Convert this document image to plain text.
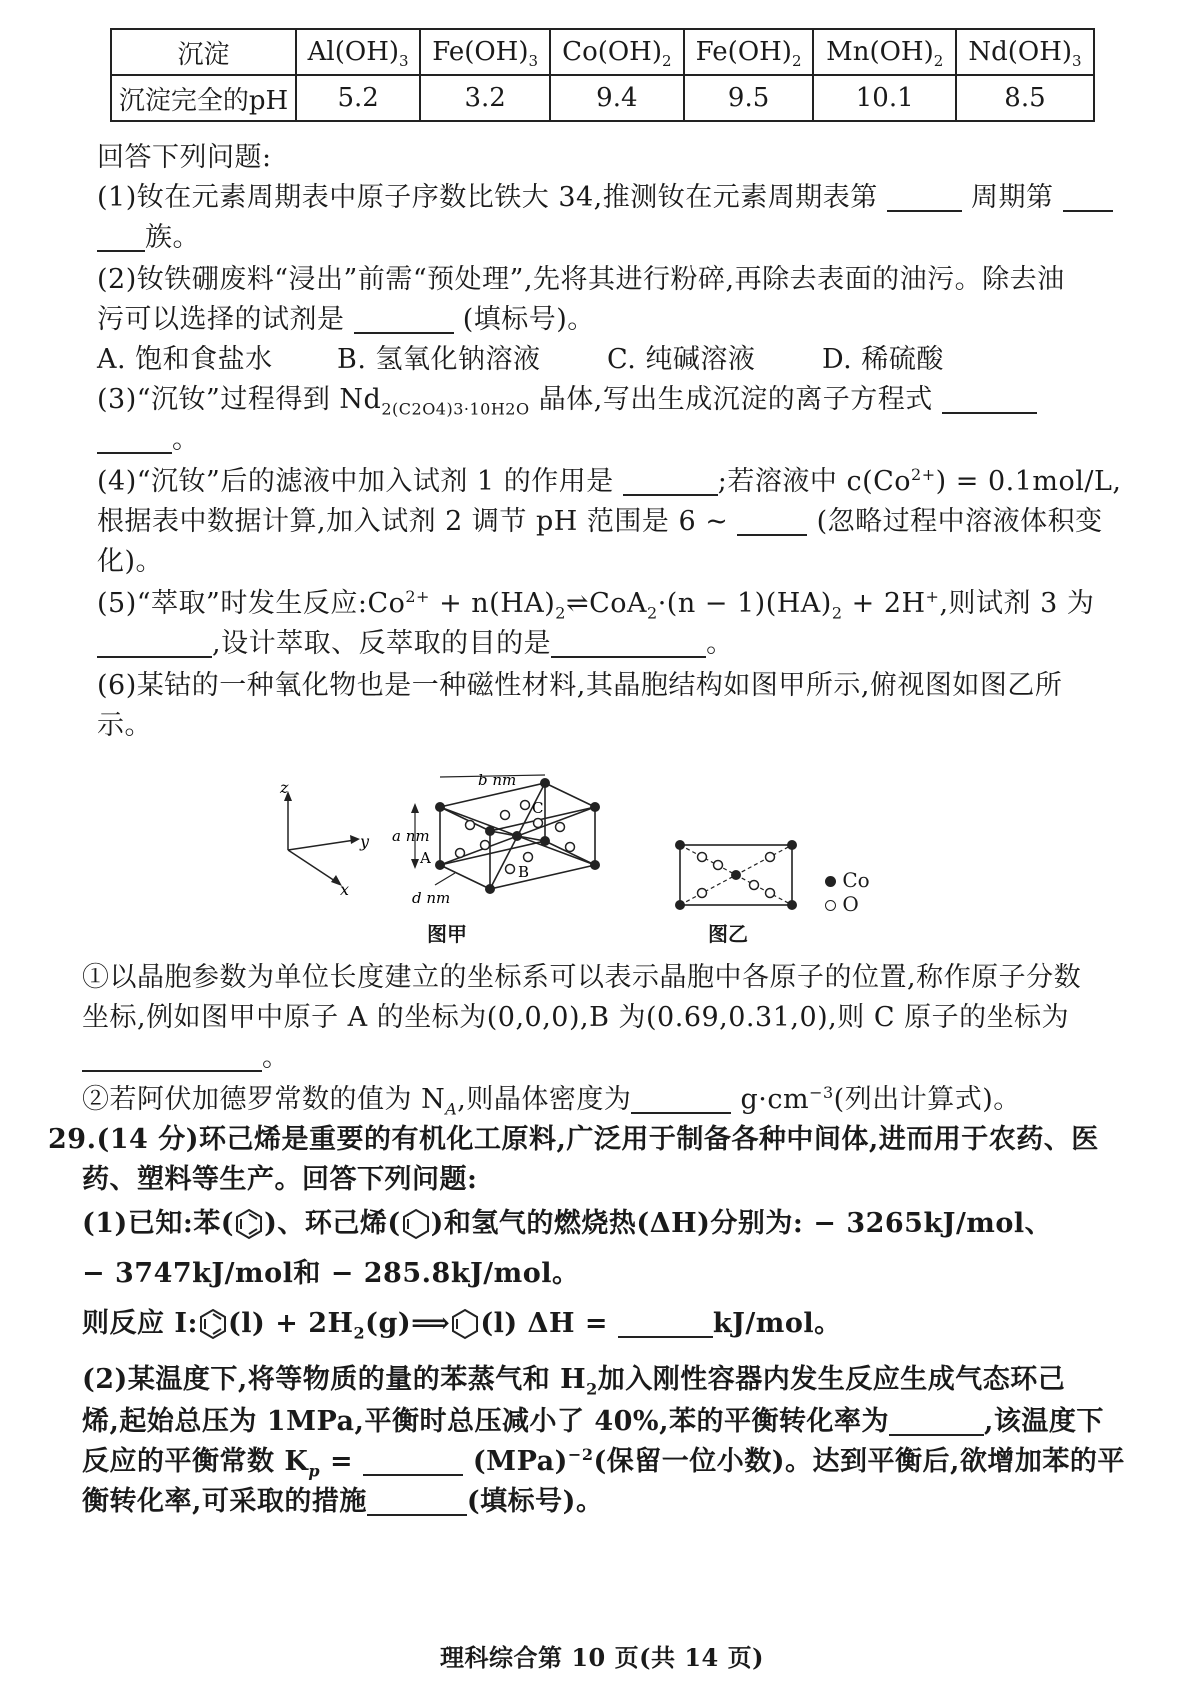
沉淀	$Al(OH)_3$	$Fe(OH)_3$	$Co(OH)_2$	$Fe(OH)_2$	$Mn(OH)_2$	$Nd(OH)_3$
沉淀完全的pH	5.2	3.2	9.4	9.5	10.1	8.5
回答下列问题:
(1)钕在元素周期表中原子序数比铁大 34,推测钕在元素周期表第	周期第
族。
(2)钕铁硼废料“浸出”前需“预处理”,先将其进行粉碎,再除去表面的油污。除去油
污可以选择的试剂是	(填标号)。
A. 饱和食盐水 B. 氢氧化钠溶液 C. 纯碱溶液 D. 稀硫酸
(3)“沉钕”过程得到 $Nd_{2(C2O4)3\cdot 10H2O}$ 晶体,写出生成沉淀的离子方程式
。
(4)“沉钕”后的滤液中加入试剂 1 的作用是	;若溶液中 $c(Co^{2+}) = 0.1mol/L$,
根据表中数据计算,加入试剂 2 调节 pH 范围是 6 ~	(忽略过程中溶液体积变
化)。
(5)“萃取”时发生反应$:Co^{2+}$ + $n(HA)_2\rightleftharpoons CoA_2\cdot(n - 1)(HA)_2 + 2H^+$,则试剂 3 为
,设计萃取、反萃取的目的是	。
(6)某钴的一种氧化物也是一种磁性材料,其晶胞结构如图甲所示,俯视图如图乙所
示。
z
y
x
b nm
a nm
d nm
A
B
C
图甲	图乙
Co
O
①以晶胞参数为单位长度建立的坐标系可以表示晶胞中各原子的位置,称作原子分数
坐标,例如图甲中原子 A 的坐标为(0,0,0),B 为(0.69,0.31,0),则 C 原子的坐标为
。
②若阿伏加德罗常数的值为 $N_A$,则晶体密度为	$g\cdot cm^{-3}$(列出计算式)。
29.(14 分)环己烯是重要的有机化工原料,广泛用于制备各种中间体,进而用于农药、医
药、塑料等生产。回答下列问题:
(1)已知:苯( )、环己烯( )和氢气的燃烧热(ΔH)分别为: − 3265kJ/mol、
− 3747kJ/mol和 − 285.8kJ/mol。
则反应 Ⅰ: $(l) + 2H_2(g)⟹$ (l) ΔH =	kJ/mol。
(2)某温度下,将等物质的量的苯蒸气和 $H_2$加入刚性容器内发生反应生成气态环己
烯,起始总压为 1MPa,平衡时总压减小了 40%,苯的平衡转化率为	,该温度下
反应的平衡常数 $K_p$ =	(MPa)$^{-2}$(保留一位小数)。达到平衡后,欲增加苯的平
衡转化率,可采取的措施	(填标号)。
理科综合第 10 页(共 14 页)
